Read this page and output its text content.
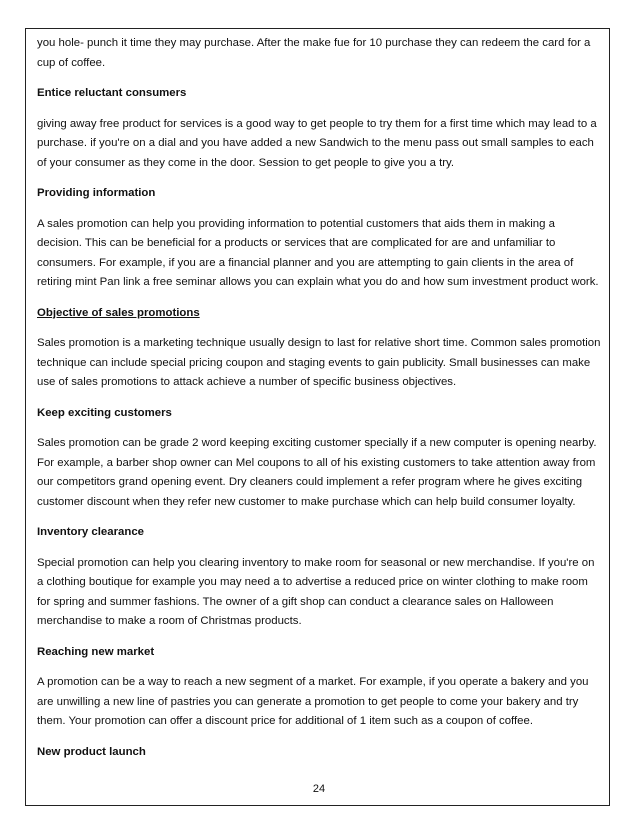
you hole- punch it time they may purchase. After the make fue for 10 purchase they can redeem the card for a cup of coffee.

Entice reluctant consumers

giving away free product for services is a good way to get people to try them for a first time which may lead to a purchase. if you're on a dial and you have added a new Sandwich to the menu pass out small samples to each of your consumer as they come in the door. Session to get people to give you a try.

Providing information

A sales promotion can help you providing information to potential customers that aids them in making a decision. This can be beneficial for a products or services that are complicated for are and unfamiliar to consumers. For example, if you are a financial planner and you are attempting to gain clients in the area of retiring mint Pan link a free seminar allows you can explain what you do and how sum investment product work.

Objective of sales promotions

Sales promotion is a marketing technique usually design to last for relative short time. Common sales promotion technique can include special pricing coupon and staging events to gain publicity. Small businesses can make use of sales promotions to attack achieve a number of specific business objectives.

Keep exciting customers

Sales promotion can be grade 2 word keeping exciting customer specially if a new computer is opening nearby. For example, a barber shop owner can Mel coupons to all of his existing customers to take attention away from our competitors grand opening event. Dry cleaners could implement a refer program where he gives exciting customer discount when they refer new customer to make purchase which can help build consumer loyalty.

Inventory clearance

Special promotion can help you clearing inventory to make room for seasonal or new merchandise. If you're on a clothing boutique for example you may need a to advertise a reduced price on winter clothing to make room for spring and summer fashions. The owner of a gift shop can conduct a clearance sales on Halloween merchandise to make a room of Christmas products.

Reaching new market

A promotion can be a way to reach a new segment of a market. For example, if you operate a bakery and you are unwilling a new line of pastries you can generate a promotion to get people to come your bakery and try them. Your promotion can offer a discount price for additional of 1 item such as a coupon of coffee.

New product launch
24
